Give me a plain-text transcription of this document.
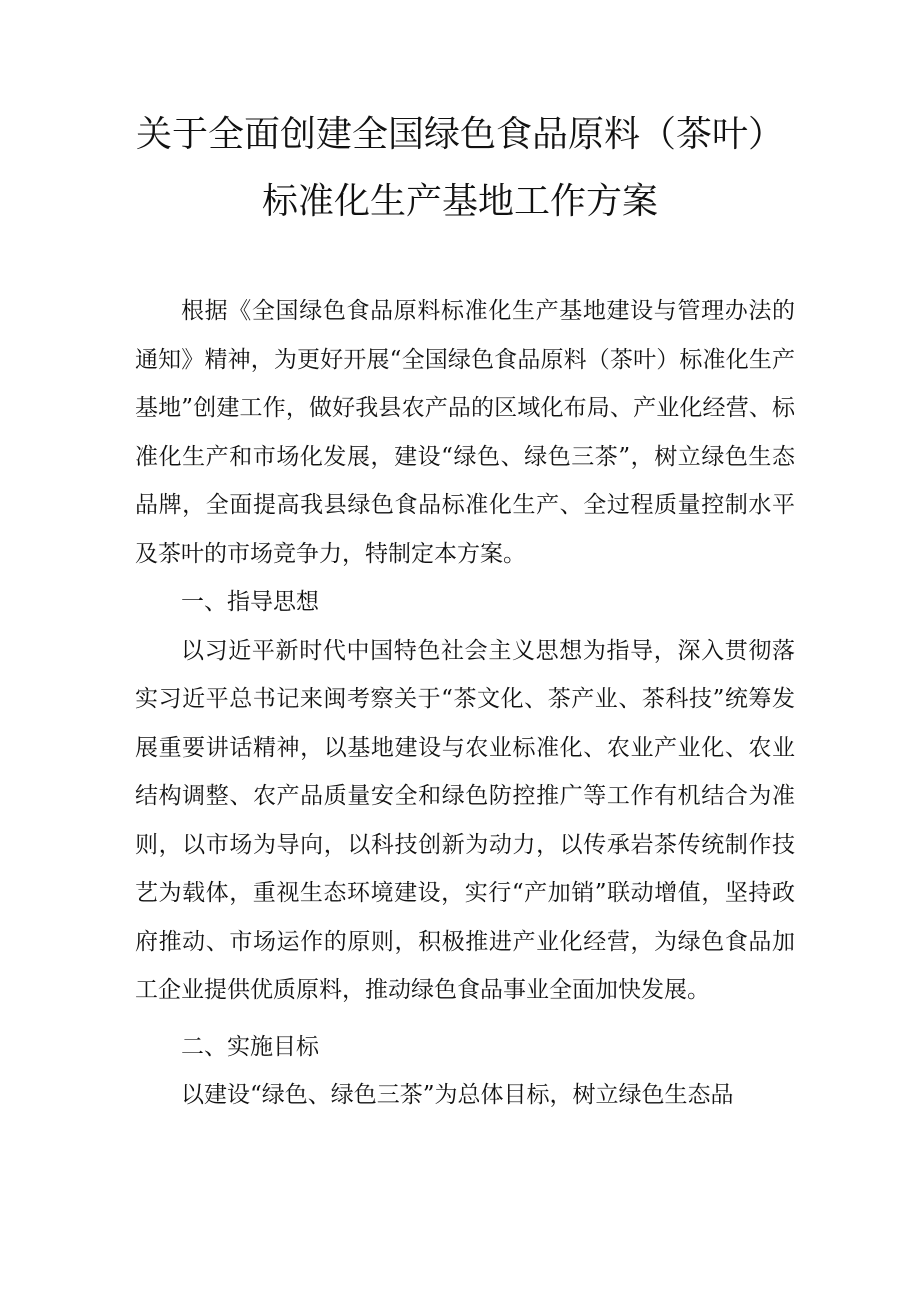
关于全面创建全国绿色食品原料（茶叶）
标准化生产基地工作方案

根据《全国绿色食品原料标准化生产基地建设与管理办法的通知》精神，为更好开展“全国绿色食品原料（茶叶）标准化生产基地”创建工作，做好我县农产品的区域化布局、产业化经营、标准化生产和市场化发展，建设“绿色、绿色三茶”，树立绿色生态品牌，全面提高我县绿色食品标准化生产、全过程质量控制水平及茶叶的市场竞争力，特制定本方案。

一、指导思想

以习近平新时代中国特色社会主义思想为指导，深入贯彻落实习近平总书记来闽考察关于“茶文化、茶产业、茶科技”统筹发展重要讲话精神，以基地建设与农业标准化、农业产业化、农业结构调整、农产品质量安全和绿色防控推广等工作有机结合为准则，以市场为导向，以科技创新为动力，以传承岩茶传统制作技艺为载体，重视生态环境建设，实行“产加销”联动增值，坚持政府推动、市场运作的原则，积极推进产业化经营，为绿色食品加工企业提供优质原料，推动绿色食品事业全面加快发展。

二、实施目标

以建设“绿色、绿色三茶”为总体目标，树立绿色生态品
